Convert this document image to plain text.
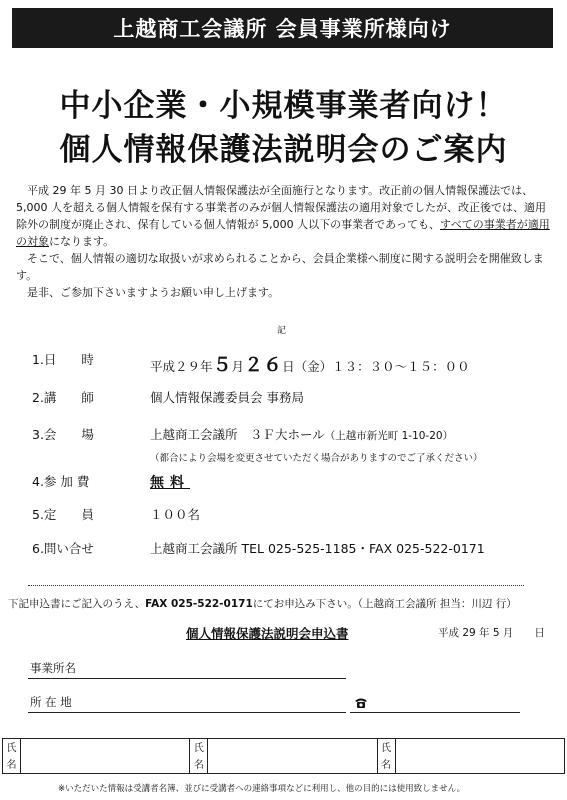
上越商工会議所 会員事業所様向け
中小企業・小規模事業者向け！
個人情報保護法説明会のご案内

平成 29 年 5 月 30 日より改正個人情報保護法が全面施行となります。改正前の個人情報保護法では、5,000 人を超える個人情報を保有する事業者のみが個人情報保護法の適用対象でしたが、改正後では、適用除外の制度が廃止され、保有している個人情報が 5,000 人以下の事業者であっても、すべての事業者が適用の対象になります。

そこで、個人情報の適切な取扱いが求められることから、会員企業様へ制度に関する説明会を開催致します。

是非、ご参加下さいますようお願い申し上げます。

記
1.日　　時	平成２９年５月２６日（金）１３：３０〜１５：００
2.講　　師	個人情報保護委員会 事務局
3.会　　場	上越商工会議所　３Ｆ大ホール（上越市新光町 1-10-20）
（都合により会場を変更させていただく場合がありますのでご了承ください）
4.参 加 費	無料
5.定　　員	１００名
6.問い合せ	上越商工会議所 TEL 025-525-1185・FAX 025-522-0171
下記申込書にご記入のうえ、FAX 025-522-0171にてお申込み下さい。（上越商工会議所 担当：川辺 行）
個人情報保護法説明会申込書	平成 29 年 5 月　　日
事業所名
所 在 地
氏名
氏名
氏名
※いただいた情報は受講者名簿、並びに受講者への連絡事項などに利用し、他の目的には使用致しません。
